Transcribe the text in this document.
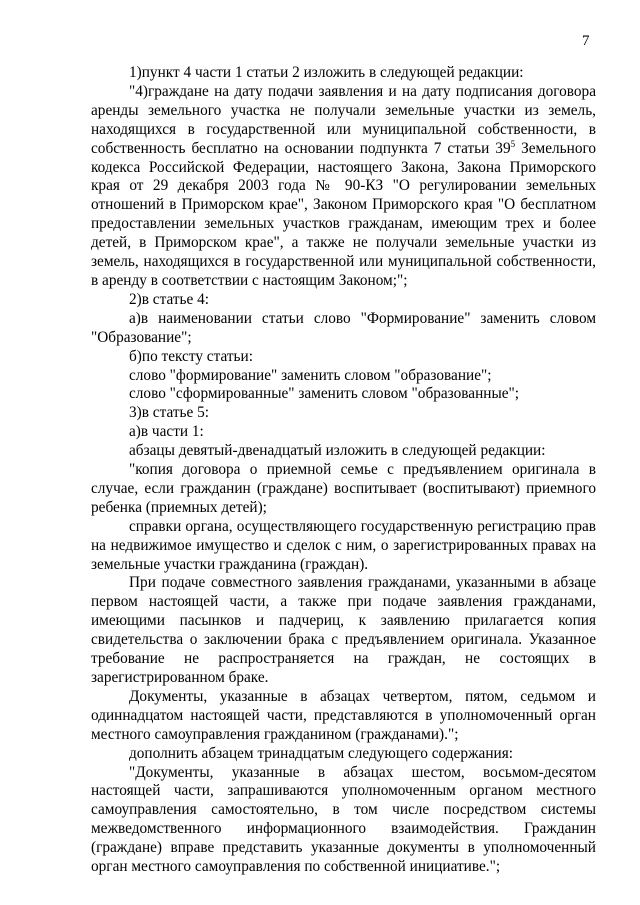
7

1)пункт 4 части 1 статьи 2 изложить в следующей редакции:

"4)граждане на дату подачи заявления и на дату подписания договора аренды земельного участка не получали земельные участки из земель, находящихся в государственной или муниципальной собственности, в собственность бесплатно на основании подпункта 7 статьи $39^5$ Земельного кодекса Российской Федерации, настоящего Закона, Закона Приморского края от 29 декабря 2003 года № 90-КЗ "О регулировании земельных отношений в Приморском крае", Законом Приморского края "О бесплатном предоставлении земельных участков гражданам, имеющим трех и более детей, в Приморском крае", а также не получали земельные участки из земель, находящихся в государственной или муниципальной собственности, в аренду в соответствии с настоящим Законом;";

2)в статье 4:

а)в наименовании статьи слово "Формирование" заменить словом "Образование";

б)по тексту статьи:

слово "формирование" заменить словом "образование";

слово "сформированные" заменить словом "образованные";

3)в статье 5:

а)в части 1:

абзацы девятый-двенадцатый изложить в следующей редакции:

"копия договора о приемной семье с предъявлением оригинала в случае, если гражданин (граждане) воспитывает (воспитывают) приемного ребенка (приемных детей);

справки органа, осуществляющего государственную регистрацию прав на недвижимое имущество и сделок с ним, о зарегистрированных правах на земельные участки гражданина (граждан).

При подаче совместного заявления гражданами, указанными в абзаце первом настоящей части, а также при подаче заявления гражданами, имеющими пасынков и падчериц, к заявлению прилагается копия свидетельства о заключении брака с предъявлением оригинала. Указанное требование не распространяется на граждан, не состоящих в зарегистрированном браке.

Документы, указанные в абзацах четвертом, пятом, седьмом и одиннадцатом настоящей части, представляются в уполномоченный орган местного самоуправления гражданином (гражданами).";

дополнить абзацем тринадцатым следующего содержания:

"Документы, указанные в абзацах шестом, восьмом-десятом настоящей части, запрашиваются уполномоченным органом местного самоуправления самостоятельно, в том числе посредством системы межведомственного информационного взаимодействия. Гражданин (граждане) вправе представить указанные документы в уполномоченный орган местного самоуправления по собственной инициативе.";
